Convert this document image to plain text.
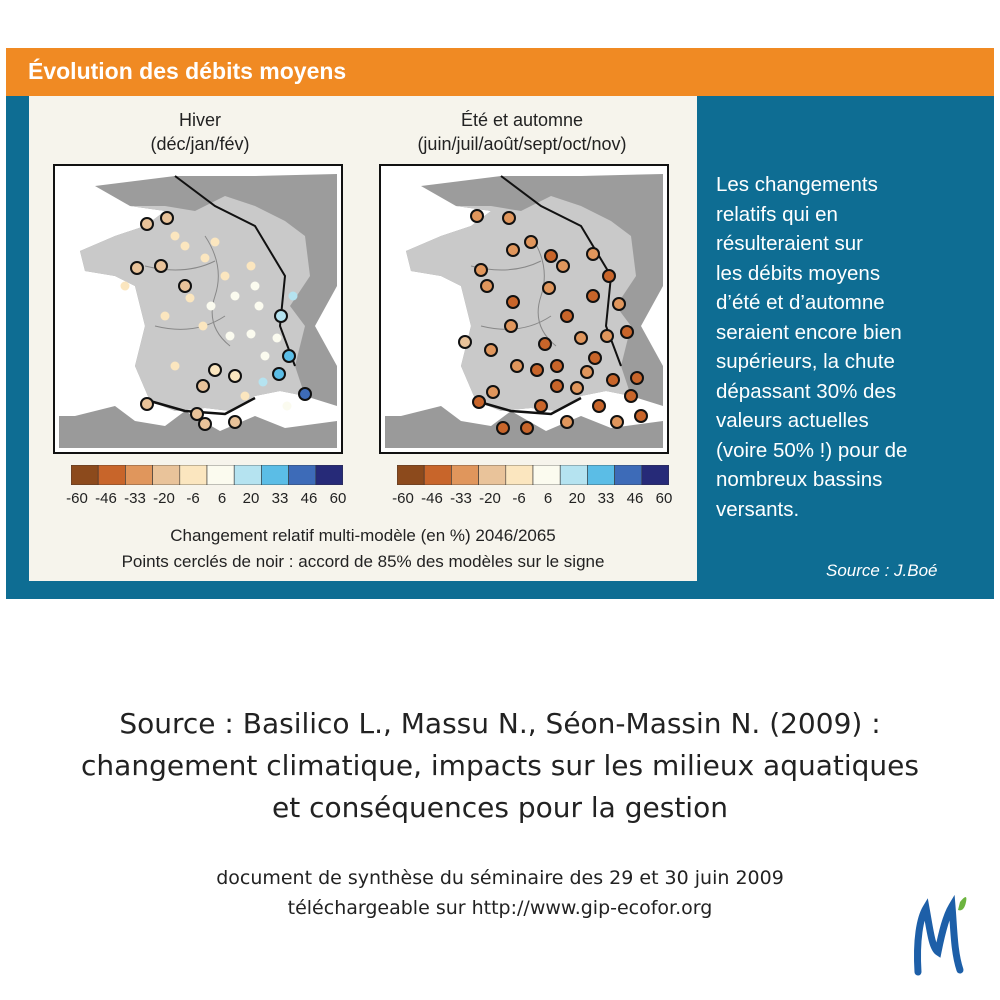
Évolution des débits moyens
Hiver
(déc/jan/fév)
Été et automne
(juin/juil/août/sept/oct/nov)
-60 -46 -33 -20 -6 6 20 33 46 60	-60 -46 -33 -20 -6 6 20 33 46 60
Changement relatif multi-modèle (en %) 2046/2065
Points cerclés de noir : accord de 85% des modèles sur le signe
Les changements
relatifs qui en
résulteraient sur
les débits moyens
d’été et d’automne
seraient encore bien
supérieurs, la chute
dépassant 30% des
valeurs actuelles
(voire 50% !) pour de
nombreux bassins
versants.
Source : J.Boé
Source : Basilico L., Massu N., Séon-Massin N. (2009) :
changement climatique, impacts sur les milieux aquatiques
et conséquences pour la gestion
document de synthèse du séminaire des 29 et 30 juin 2009
téléchargeable sur http://www.gip-ecofor.org
